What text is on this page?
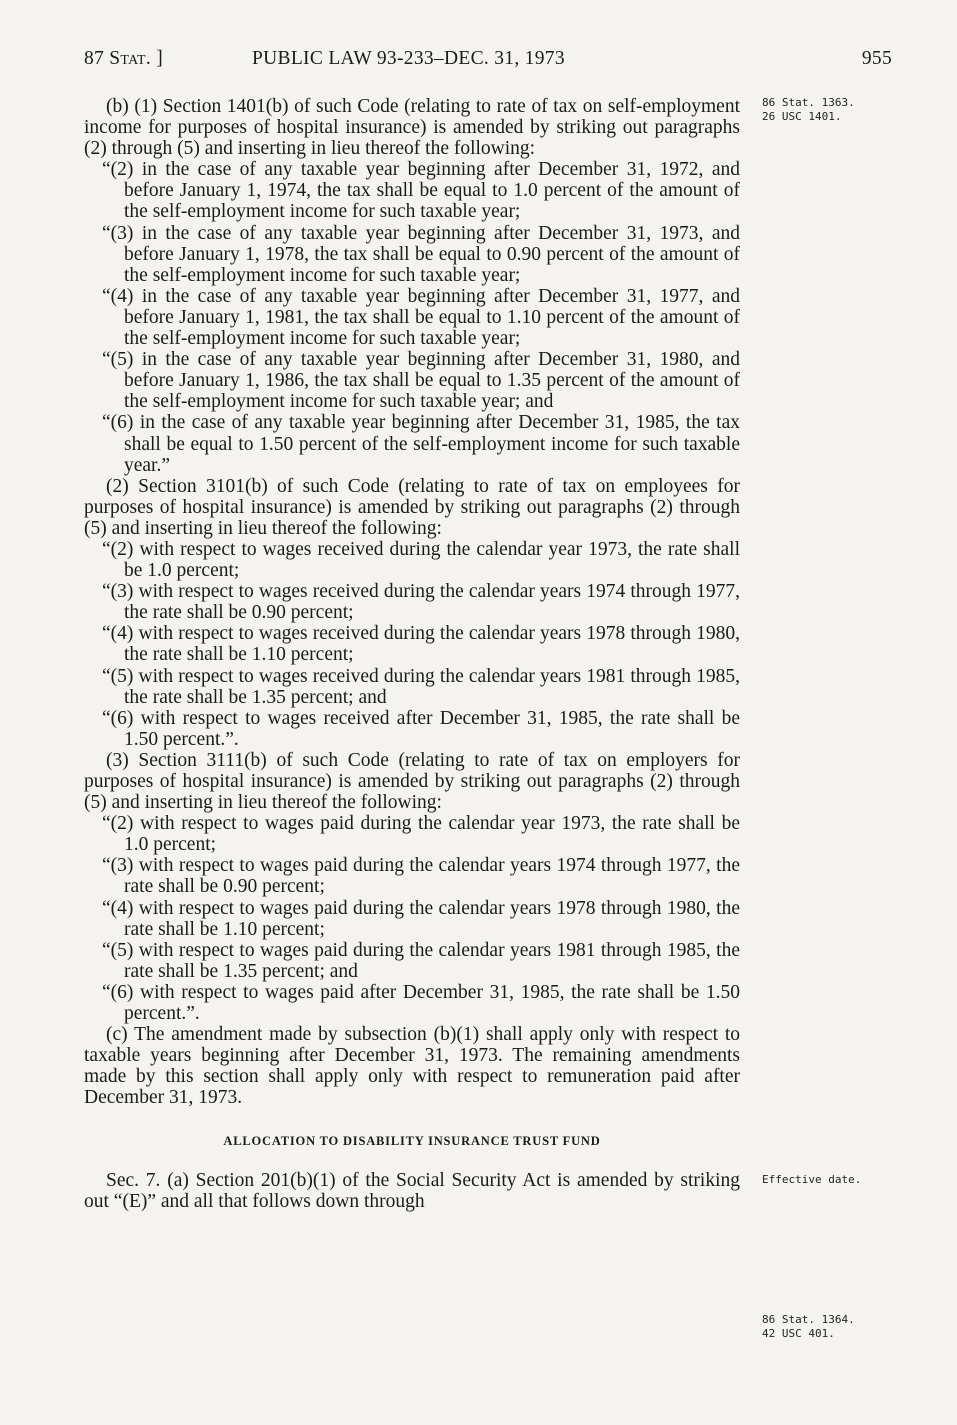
87 Stat. ]	PUBLIC LAW 93-233–DEC. 31, 1973	955

(b) (1) Section 1401(b) of such Code (relating to rate of tax on self-employment income for purposes of hospital insurance) is amended by striking out paragraphs (2) through (5) and inserting in lieu thereof the following:

“(2) in the case of any taxable year beginning after December 31, 1972, and before January 1, 1974, the tax shall be equal to 1.0 percent of the amount of the self-employment income for such taxable year;

“(3) in the case of any taxable year beginning after December 31, 1973, and before January 1, 1978, the tax shall be equal to 0.90 percent of the amount of the self-employment income for such taxable year;

“(4) in the case of any taxable year beginning after December 31, 1977, and before January 1, 1981, the tax shall be equal to 1.10 percent of the amount of the self-employment income for such taxable year;

“(5) in the case of any taxable year beginning after December 31, 1980, and before January 1, 1986, the tax shall be equal to 1.35 percent of the amount of the self-employment income for such taxable year; and

“(6) in the case of any taxable year beginning after December 31, 1985, the tax shall be equal to 1.50 percent of the self-employment income for such taxable year.”

(2) Section 3101(b) of such Code (relating to rate of tax on employees for purposes of hospital insurance) is amended by striking out paragraphs (2) through (5) and inserting in lieu thereof the following:

“(2) with respect to wages received during the calendar year 1973, the rate shall be 1.0 percent;

“(3) with respect to wages received during the calendar years 1974 through 1977, the rate shall be 0.90 percent;

“(4) with respect to wages received during the calendar years 1978 through 1980, the rate shall be 1.10 percent;

“(5) with respect to wages received during the calendar years 1981 through 1985, the rate shall be 1.35 percent; and

“(6) with respect to wages received after December 31, 1985, the rate shall be 1.50 percent.”.

(3) Section 3111(b) of such Code (relating to rate of tax on employers for purposes of hospital insurance) is amended by striking out paragraphs (2) through (5) and inserting in lieu thereof the following:

“(2) with respect to wages paid during the calendar year 1973, the rate shall be 1.0 percent;

“(3) with respect to wages paid during the calendar years 1974 through 1977, the rate shall be 0.90 percent;

“(4) with respect to wages paid during the calendar years 1978 through 1980, the rate shall be 1.10 percent;

“(5) with respect to wages paid during the calendar years 1981 through 1985, the rate shall be 1.35 percent; and

“(6) with respect to wages paid after December 31, 1985, the rate shall be 1.50 percent.”.

(c) The amendment made by subsection (b)(1) shall apply only with respect to taxable years beginning after December 31, 1973. The remaining amendments made by this section shall apply only with respect to remuneration paid after December 31, 1973.

ALLOCATION TO DISABILITY INSURANCE TRUST FUND

Sec. 7. (a) Section 201(b)(1) of the Social Security Act is amended by striking out “(E)” and all that follows down through

86 Stat. 1363.
26 USC 1401.
Effective date.
86 Stat. 1364.
42 USC 401.
